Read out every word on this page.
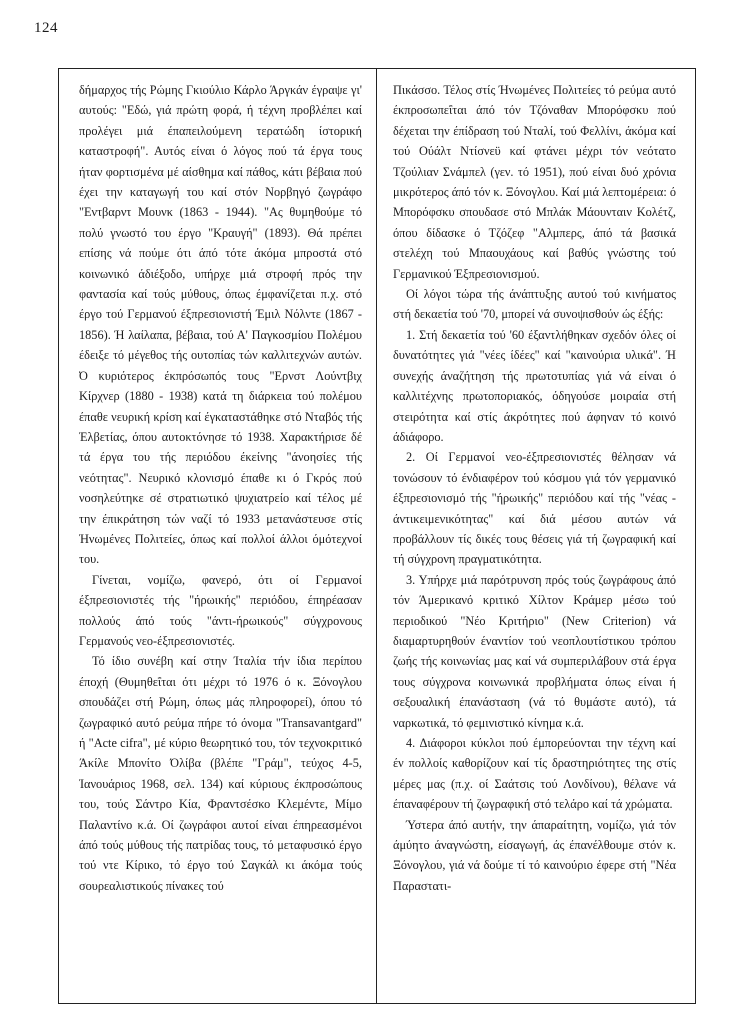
124

δήμαρχος τής Ρώμης Γκιούλιο Κάρλο Άργκάν έγραψε γι' αυτούς: "Εδώ, γιά πρώτη φορά, ή τέχνη προβλέπει καί προλέγει μιά έπαπειλούμενη τερατώδη ίστορική καταστροφή". Αυτός είναι ό λόγος πού τά έργα τους ήταν φορτισμένα μέ αίσθημα καί πάθος, κάτι βέβαια πού έχει την καταγωγή του καί στόν Νορβηγό ζωγράφο "Εντβαρντ Μουνκ (1863 - 1944). "Ας θυμηθούμε τό πολύ γνωστό του έργο "Κραυγή" (1893). Θά πρέπει επίσης νά πούμε ότι άπό τότε άκόμα μπροστά στό κοινωνικό άδιέξοδο, υπήρχε μιά στροφή πρός την φαντασία καί τούς μύθους, όπως έμφανίζεται π.χ. στό έργο τού Γερμανού έξπρεσιονιστή Έμιλ Νόλντε (1867 - 1856). Ή λαίλαπα, βέβαια, τού Α' Παγκοσμίου Πολέμου έδειξε τό μέγεθος τής ουτοπίας τών καλλιτεχνών αυτών. Ό κυριότερος έκπρόσωπός τους "Ερνστ Λούντβιχ Κίρχνερ (1880 - 1938) κατά τη διάρκεια τού πολέμου έπαθε νευρική κρίση καί έγκαταστάθηκε στό Νταβός τής Έλβετίας, όπου αυτοκτόνησε τό 1938. Χαρακτήρισε δέ τά έργα του τής περιόδου έκείνης "άνοησίες τής νεότητας". Νευρικό κλονισμό έπαθε κι ό Γκρός πού νοσηλεύτηκε σέ στρατιωτικό ψυχιατρείο καί τέλος μέ την έπικράτηση τών ναζί τό 1933 μετανάστευσε στίς Ήνωμένες Πολιτείες, όπως καί πολλοί άλλοι όμότεχνοί του.

Γίνεται, νομίζω, φανερό, ότι οί Γερμανοί έξπρεσιονιστές τής "ήρωικής" περιόδου, έπηρέασαν πολλούς άπό τούς "άντι-ήρωικούς" σύγχρονους Γερμανούς νεο-έξπρεσιονιστές.

Τό ίδιο συνέβη καί στην Ίταλία τήν ίδια περίπου έποχή (Θυμηθεΐται ότι μέχρι τό 1976 ό κ. Ξόνογλου σπουδάζει στή Ρώμη, όπως μάς πληροφορεί), όπου τό ζωγραφικό αυτό ρεύμα πήρε τό όνομα "Transavantgard" ή "Acte cifra", μέ κύριο θεωρητικό του, τόν τεχνοκριτικό Άκίλε Μπονίτο Όλίβα (βλέπε "Γράμ", τεύχος 4-5, Ίανουάριος 1968, σελ. 134) καί κύριους έκπροσώπους του, τούς Σάντρο Κία, Φραντσέσκο Κλεμέντε, Μίμο Παλαντίνο κ.ά. Οί ζωγράφοι αυτοί είναι έπηρεασμένοι άπό τούς μύθους τής πατρίδας τους, τό μεταφυσικό έργο τού ντε Κίρικο, τό έργο τού Σαγκάλ κι άκόμα τούς σουρεαλιστικούς πίνακες τού

Πικάσσο. Τέλος στίς Ήνωμένες Πολιτείες τό ρεύμα αυτό έκπροσωπεΐται άπό τόν Τζόναθαν Μπορόφσκυ πού δέχεται την έπίδραση τού Νταλί, τού Φελλίνι, άκόμα καί τού Ούάλτ Ντίσνεϋ καί φτάνει μέχρι τόν νεότατο Τζούλιαν Σνάμπελ (γεν. τό 1951), πού είναι δυό χρόνια μικρότερος άπό τόν κ. Ξόνογλου. Καί μιά λεπτομέρεια: ό Μπορόφσκυ σπουδασε στό Μπλάκ Μάουνταιν Κολέτζ, όπου δίδασκε ό Τζόζεφ "Αλμπερς, άπό τά βασικά στελέχη τού Μπαουχάους καί βαθύς γνώστης τού Γερμανικού Έξπρεσιονισμού.

Οί λόγοι τώρα τής άνάπτυξης αυτού τού κινήματος στή δεκαετία τού '70, μπορεί νά συνοψισθούν ώς έξής:

1. Στή δεκαετία τού '60 έξαντλήθηκαν σχεδόν όλες οί δυνατότητες γιά "νέες ίδέες" καί "καινούρια υλικά". Ή συνεχής άναζήτηση τής πρωτοτυπίας γιά νά είναι ό καλλιτέχνης πρωτοποριακός, όδηγούσε μοιραία στή στειρότητα καί στίς άκρότητες πού άφηναν τό κοινό άδιάφορο.

2. Οί Γερμανοί νεο-έξπρεσιονιστές θέλησαν νά τονώσουν τό ένδιαφέρον τού κόσμου γιά τόν γερμανικό έξπρεσιονισμό τής "ήρωικής" περιόδου καί τής "νέας - άντικειμενικότητας" καί διά μέσου αυτών νά προβάλλουν τίς δικές τους θέσεις γιά τή ζωγραφική καί τή σύγχρονη πραγματικότητα.

3. Υπήρχε μιά παρότρυνση πρός τούς ζωγράφους άπό τόν Άμερικανό κριτικό Χίλτον Κράμερ μέσω τού περιοδικού "Νέο Κριτήριο" (New Criterion) νά διαμαρτυρηθούν έναντίον τού νεοπλουτίστικου τρόπου ζωής τής κοινωνίας μας καί νά συμπεριλάβουν στά έργα τους σύγχρονα κοινωνικά προβλήματα όπως είναι ή σεξουαλική έπανάσταση (νά τό θυμάστε αυτό), τά ναρκωτικά, τό φεμινιστικό κίνημα κ.ά.

4. Διάφοροι κύκλοι πού έμπορεύονται την τέχνη καί έν πολλοίς καθορίζουν καί τίς δραστηριότητες της στίς μέρες μας (π.χ. οί Σαάτσις τού Λονδίνου), θέλανε νά έπαναφέρουν τή ζωγραφική στό τελάρο καί τά χρώματα.

Ύστερα άπό αυτήν, την άπαραίτητη, νομίζω, γιά τόν άμύητο άναγνώστη, είσαγωγή, άς έπανέλθουμε στόν κ. Ξόνογλου, γιά νά δούμε τί τό καινούριο έφερε στή "Νέα Παραστατι-
